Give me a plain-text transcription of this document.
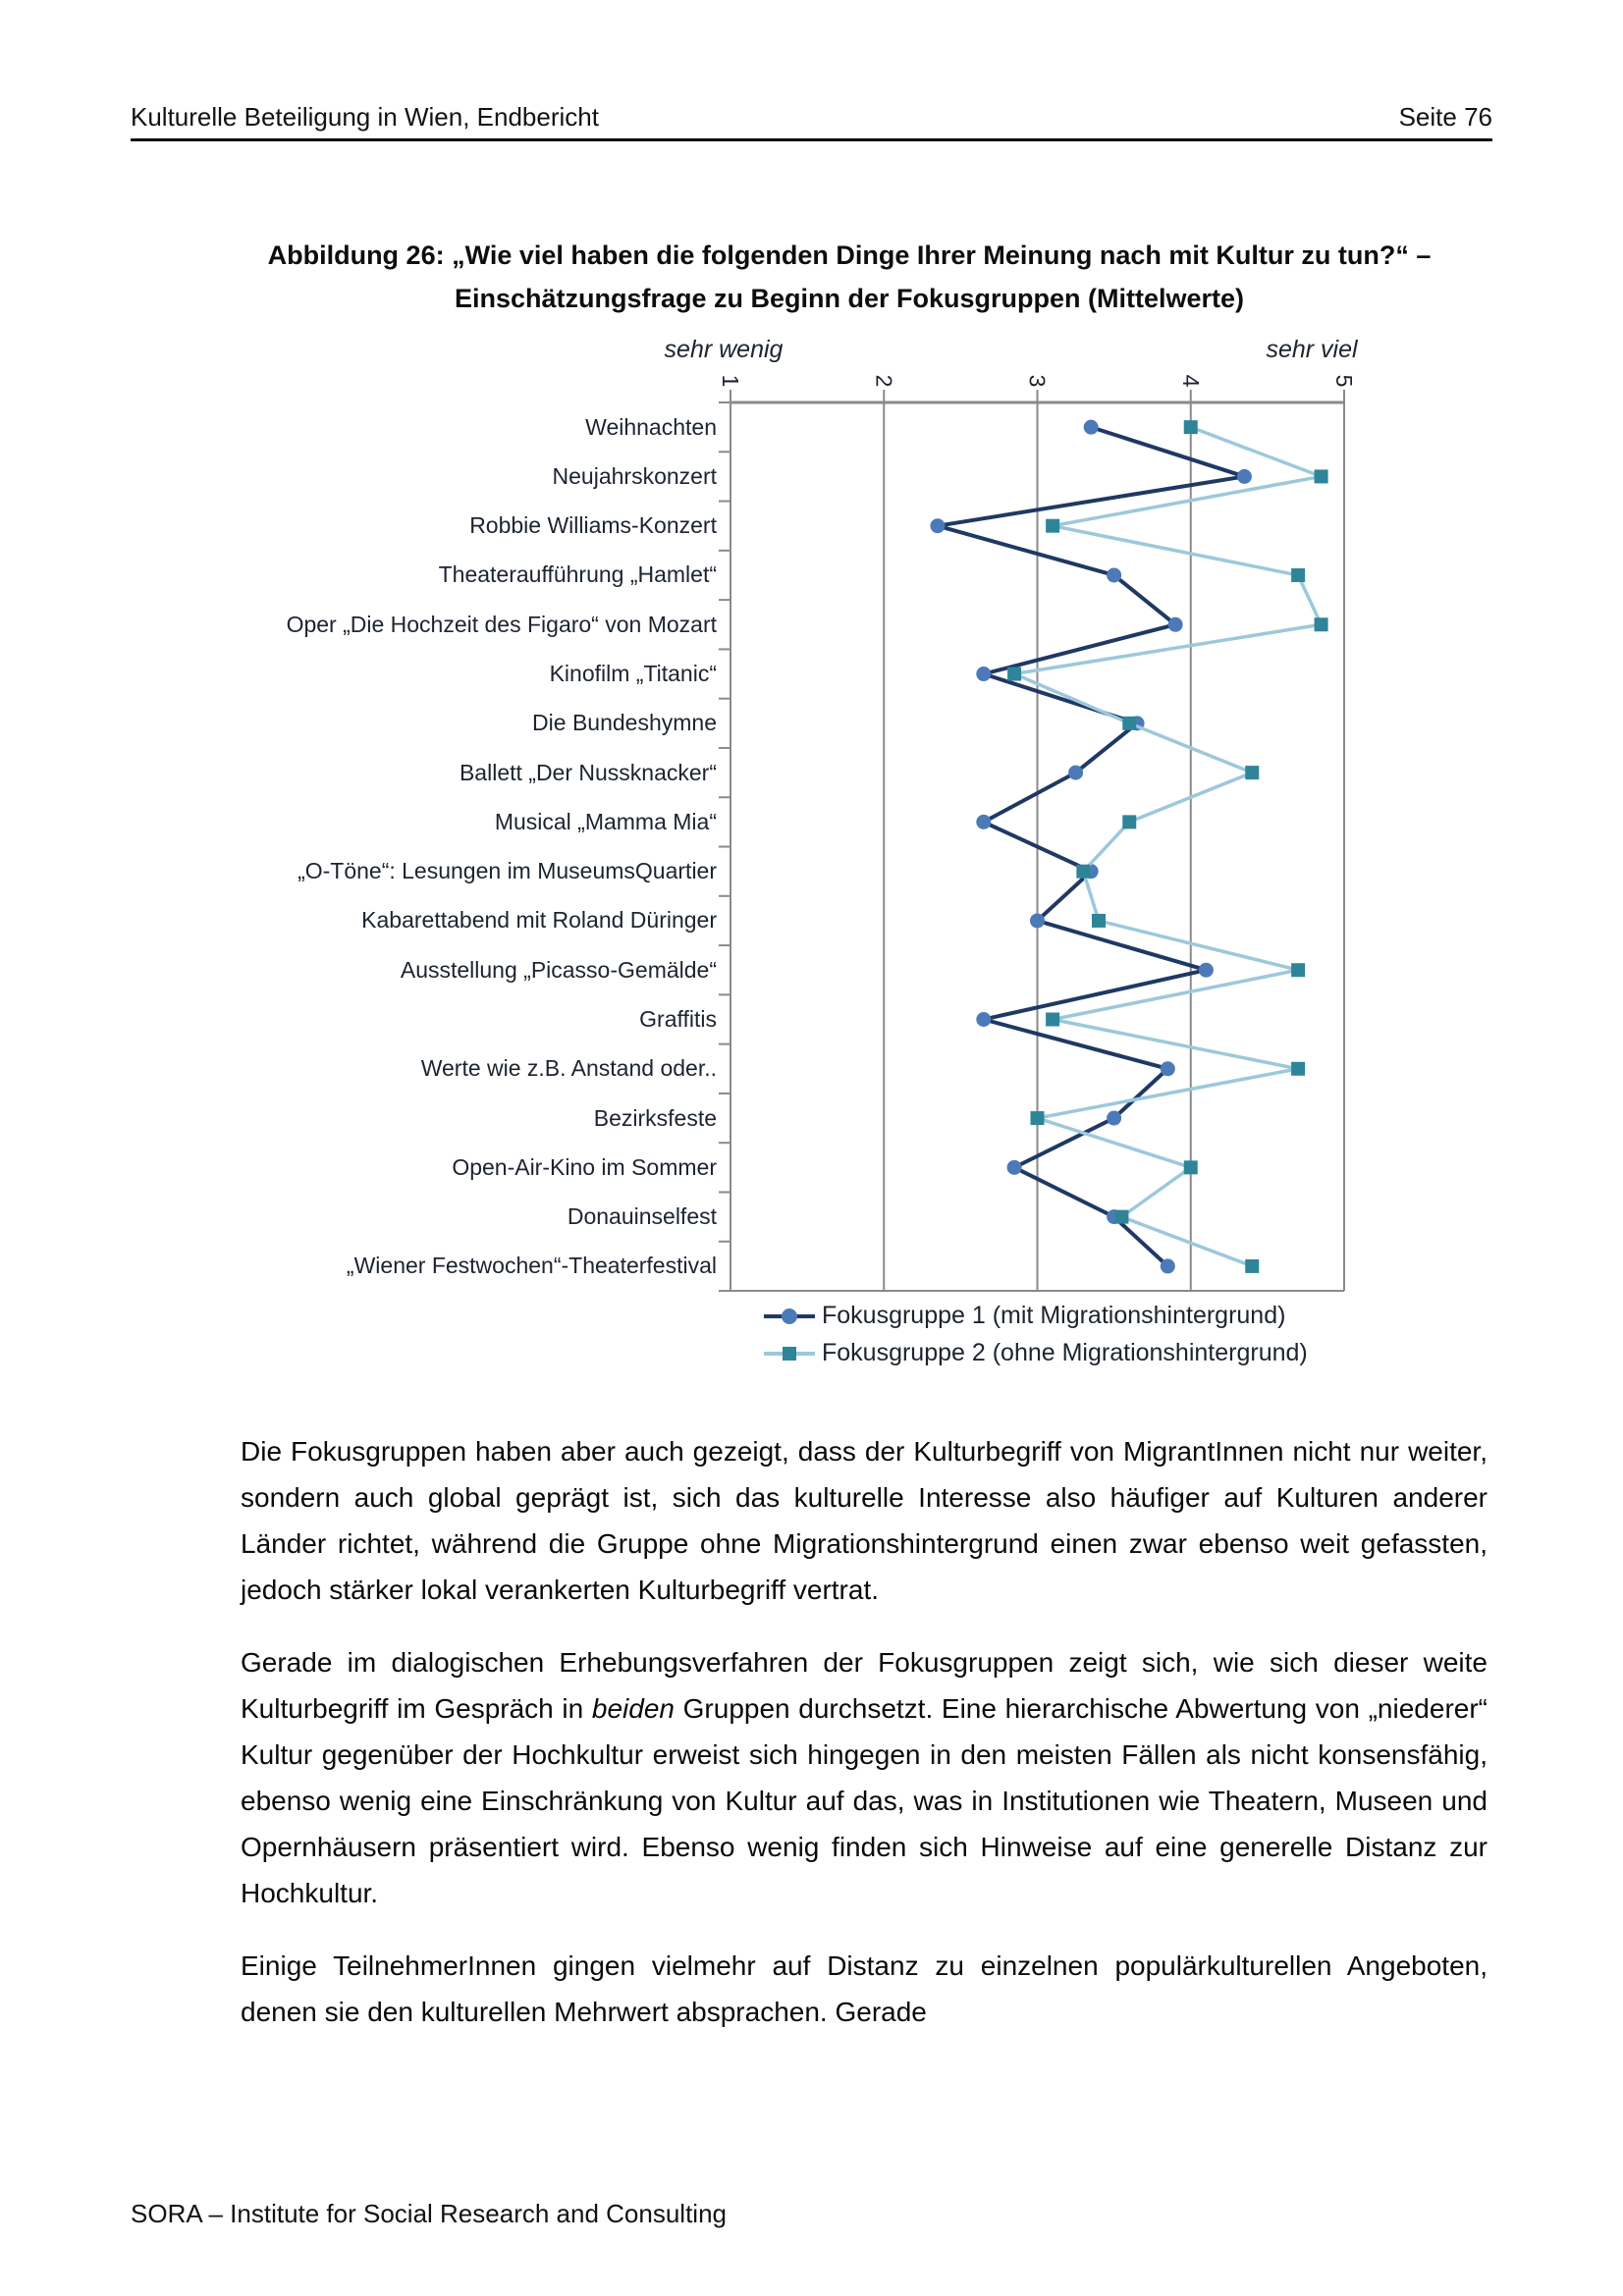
Kulturelle Beteiligung in Wien, Endbericht	Seite 76
Abbildung 26: „Wie viel haben die folgenden Dinge Ihrer Meinung nach mit Kultur zu tun?“ – Einschätzungsfrage zu Beginn der Fokusgruppen (Mittelwerte)
sehr wenig	sehr viel
Weihnachten
Neujahrskonzert
Robbie Williams-Konzert
Theateraufführung „Hamlet“
Oper „Die Hochzeit des Figaro“ von Mozart
Kinofilm „Titanic“
Die Bundeshymne
Ballett „Der Nussknacker“
Musical „Mamma Mia“
„O-Töne“: Lesungen im MuseumsQuartier
Kabarettabend mit Roland Düringer
Ausstellung „Picasso-Gemälde“
Graffitis
Werte wie z.B. Anstand oder..
Bezirksfeste
Open-Air-Kino im Sommer
Donauinselfest
„Wiener Festwochen“-Theaterfestival
1	2	3	4	5
Fokusgruppe 1 (mit Migrationshintergrund)
Fokusgruppe 2 (ohne Migrationshintergrund)

Die Fokusgruppen haben aber auch gezeigt, dass der Kulturbegriff von MigrantInnen nicht nur weiter, sondern auch global geprägt ist, sich das kulturelle Interesse also häufiger auf Kulturen anderer Länder richtet, während die Gruppe ohne Migrationshintergrund einen zwar ebenso weit gefassten, jedoch stärker lokal verankerten Kulturbegriff vertrat.

Gerade im dialogischen Erhebungsverfahren der Fokusgruppen zeigt sich, wie sich dieser weite Kulturbegriff im Gespräch in beiden Gruppen durchsetzt. Eine hierarchische Abwertung von „niederer“ Kultur gegenüber der Hochkultur erweist sich hingegen in den meisten Fällen als nicht konsensfähig, ebenso wenig eine Einschränkung von Kultur auf das, was in Institutionen wie Theatern, Museen und Opernhäusern präsentiert wird. Ebenso wenig finden sich Hinweise auf eine generelle Distanz zur Hochkultur.

Einige TeilnehmerInnen gingen vielmehr auf Distanz zu einzelnen populärkulturellen Angeboten, denen sie den kulturellen Mehrwert absprachen. Gerade

SORA – Institute for Social Research and Consulting
